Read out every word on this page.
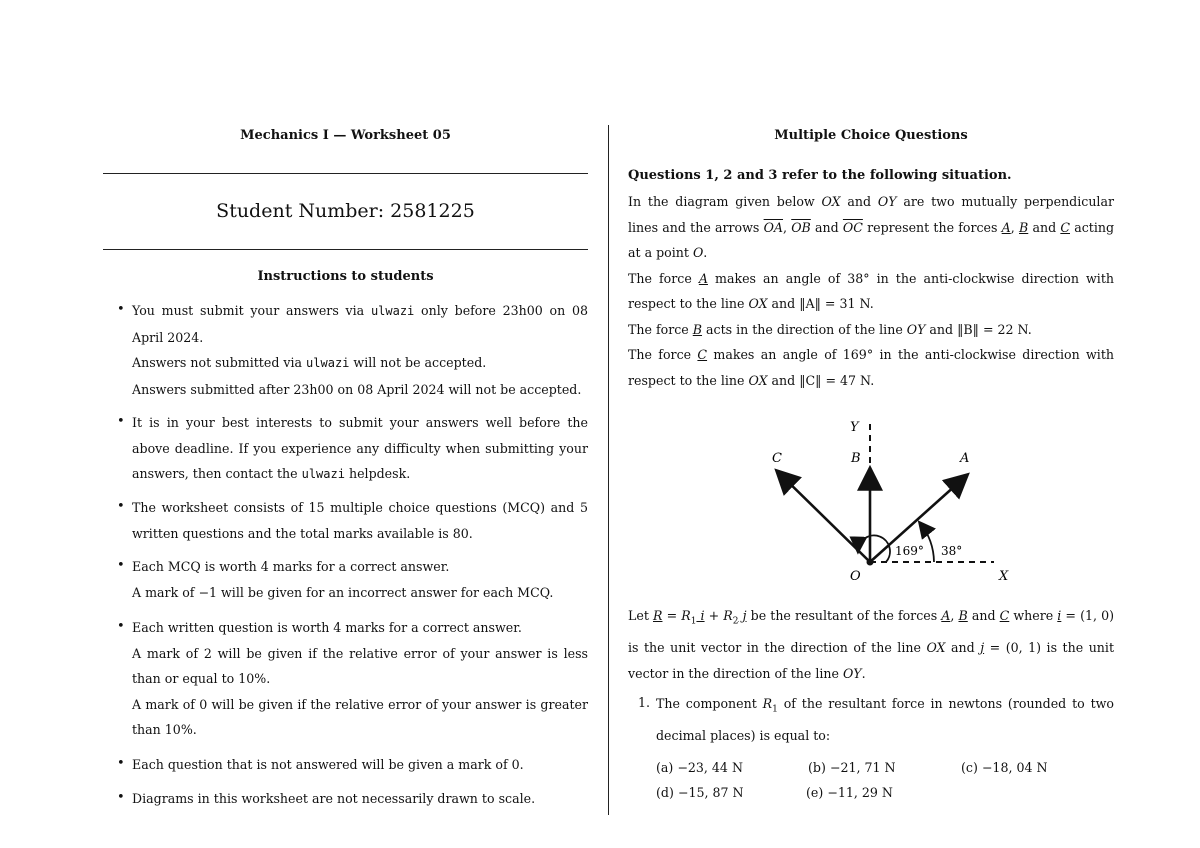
Mechanics I — Worksheet 05
Student Number: 2581225
Instructions to students
• You must submit your answers via ulwazi only before 23h00 on 08 April 2024.
Answers not submitted via ulwazi will not be accepted.
Answers submitted after 23h00 on 08 April 2024 will not be accepted.
• It is in your best interests to submit your answers well before the above deadline. If you experience any difficulty when submitting your answers, then contact the ulwazi helpdesk.
• The worksheet consists of 15 multiple choice questions (MCQ) and 5 written questions and the total marks available is 80.
• Each MCQ is worth 4 marks for a correct answer.
A mark of −1 will be given for an incorrect answer for each MCQ.
• Each written question is worth 4 marks for a correct answer.
A mark of 2 will be given if the relative error of your answer is less than or equal to 10%.
A mark of 0 will be given if the relative error of your answer is greater than 10%.
• Each question that is not answered will be given a mark of 0.
• Diagrams in this worksheet are not necessarily drawn to scale.
Multiple Choice Questions
Questions 1, 2 and 3 refer to the following situation.
In the diagram given below OX and OY are two mutually perpendicular lines and the arrows $\overline{OA}$, $\overline{OB}$ and $\overline{OC}$ represent the forces A, B and C acting at a point O.
The force A makes an angle of 38° in the anti-clockwise direction with respect to the line OX and ‖A‖ = 31 N.
The force B acts in the direction of the line OY and ‖B‖ = 22 N.
The force C makes an angle of 169° in the anti-clockwise direction with respect to the line OX and ‖C‖ = 47 N.
Y
B
C	A
O	X
169° 38°
Let $R = R_1$ $i + R_2$ j be the resultant of the forces A, B and C where i = (1, 0) is the unit vector in the direction of the line OX and j = (0, 1) is the unit vector in the direction of the line OY.
1. The component $R_1$ of the resultant force in newtons (rounded to two decimal places) is equal to:
(a) −23, 44 N	(b) −21, 71 N	(c) −18, 04 N
(d) −15, 87 N	(e) −11, 29 N
